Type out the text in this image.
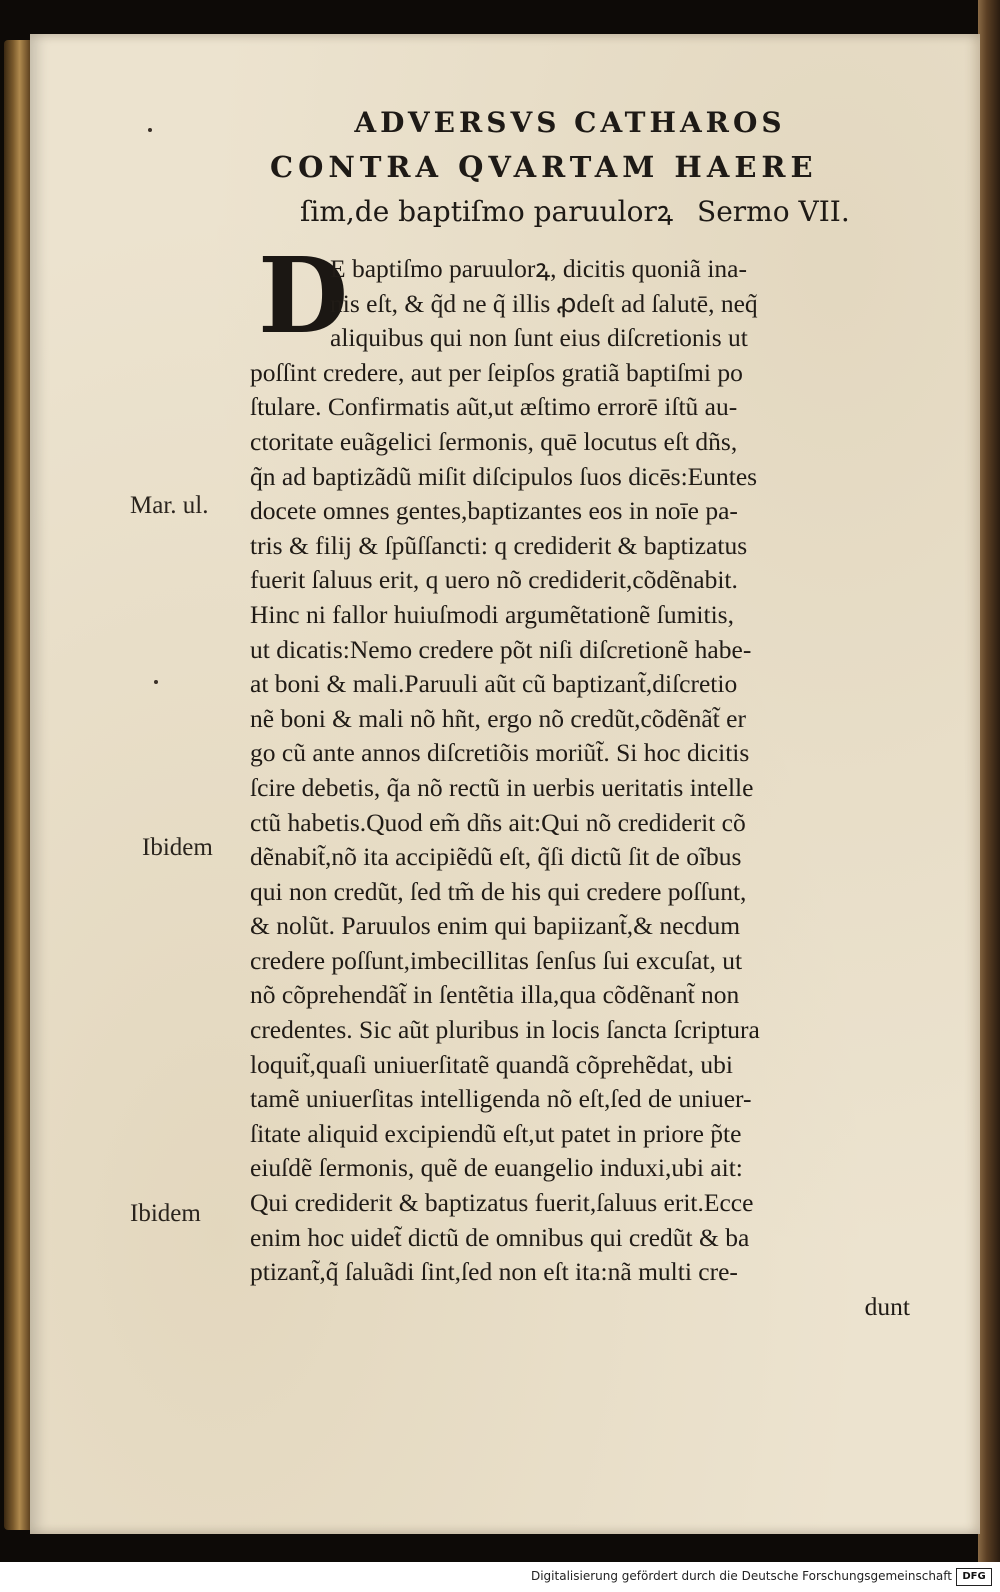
ADVERSVS CATHAROS
CONTRA QVARTAM HAERE
ſim,de baptiſmo paruulorꝝ Sermo VII.
D
E baptiſmo paruulorꝝ, dicitis quoniã ina-
nis eſt, & q̃d ne q̃ illis ꝓdeſt ad ſalutē, neq̃
aliquibus qui non ſunt eius diſcretionis ut
poſſint credere, aut per ſeipſos gratiã baptiſmi po
ſtulare. Confirmatis aũt,ut æſtimo errorē iſtũ au-
ctoritate euãgelici ſermonis, quē locutus eſt dñs,
q̃n ad baptizãdũ miſit diſcipulos ſuos dicēs:Euntes
docete omnes gentes,baptizantes eos in noīe pa-
tris & filij & ſpũſſancti: q crediderit & baptizatus
fuerit ſaluus erit, q uero nõ crediderit,cõdẽnabit.
Hinc ni fallor huiuſmodi argumẽtationẽ ſumitis,
ut dicatis:Nemo credere põt niſi diſcretionẽ habe-
at boni & mali.Paruuli aũt cũ baptizant̃,diſcretio
nẽ boni & mali nõ hñt, ergo nõ credũt,cõdẽnãt̃ er
go cũ ante annos diſcretiõis moriũt̃. Si hoc dicitis
ſcire debetis, q̃a nõ rectũ in uerbis ueritatis intelle
ctũ habetis.Quod em̃ dñs ait:Qui nõ crediderit cõ
dẽnabit̃,nõ ita accipiẽdũ eſt, q̃ſi dictũ ſit de oĩbus
qui non credũt, ſed tm̃ de his qui credere poſſunt,
& nolũt. Paruulos enim qui bapiizant̃,& necdum
credere poſſunt,imbecillitas ſenſus ſui excuſat, ut
nõ cõprehendãt̃ in ſentẽtia illa,qua cõdẽnant̃ non
credentes. Sic aũt pluribus in locis ſancta ſcriptura
loquit̃,quaſi uniuerſitatẽ quandã cõprehẽdat, ubi
tamẽ uniuerſitas intelligenda nõ eſt,ſed de uniuer-
ſitate aliquid excipiendũ eſt,ut patet in priore p̃te
eiuſdẽ ſermonis, quẽ de euangelio induxi,ubi ait:
Qui crediderit & baptizatus fuerit,ſaluus erit.Ecce
enim hoc uidet̃ dictũ de omnibus qui credũt & ba
ptizant̃,q̃ ſaluãdi ſint,ſed non eſt ita:nã multi cre-
dunt
Mar. ul.
Ibidem
Ibidem
Digitalisierung gefördert durch die Deutsche Forschungsgemeinschaft	DFG
